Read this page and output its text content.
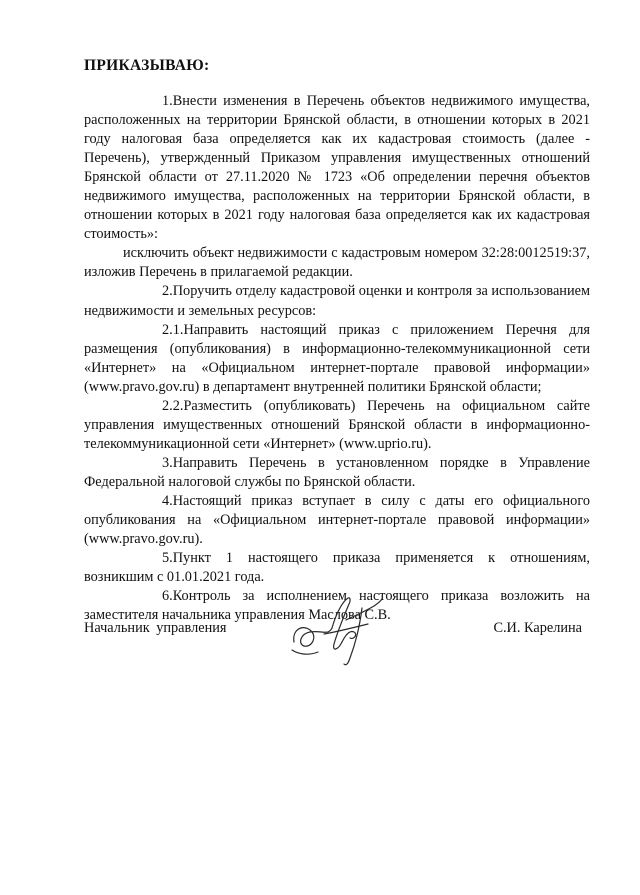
ПРИКАЗЫВАЮ:

1.Внести изменения в Перечень объектов недвижимого имущества, расположенных на территории Брянской области, в отношении которых в 2021 году налоговая база определяется как их кадастровая стоимость (далее - Перечень), утвержденный Приказом управления имущественных отношений Брянской области от 27.11.2020 № 1723 «Об определении перечня объектов недвижимого имущества, расположенных на территории Брянской области, в отношении которых в 2021 году налоговая база определяется как их кадастровая стоимость»:

исключить объект недвижимости с кадастровым номером 32:28:0012519:37, изложив Перечень в прилагаемой редакции.

2.Поручить отделу кадастровой оценки и контроля за использованием недвижимости и земельных ресурсов:

2.1.Направить настоящий приказ с приложением Перечня для размещения (опубликования) в информационно-телекоммуникационной сети «Интернет» на «Официальном интернет-портале правовой информации» (www.pravo.gov.ru) в департамент внутренней политики Брянской области;

2.2.Разместить (опубликовать) Перечень на официальном сайте управления имущественных отношений Брянской области в информационно-телекоммуникационной сети «Интернет» (www.uprio.ru).

3.Направить Перечень в установленном порядке в Управление Федеральной налоговой службы по Брянской области.

4.Настоящий приказ вступает в силу с даты его официального опубликования на «Официальном интернет-портале правовой информации» (www.pravo.gov.ru).

5.Пункт 1 настоящего приказа применяется к отношениям, возникшим с 01.01.2021 года.

6.Контроль за исполнением настоящего приказа возложить на заместителя начальника управления Маслова С.В.

Начальник управления	С.И. Карелина
